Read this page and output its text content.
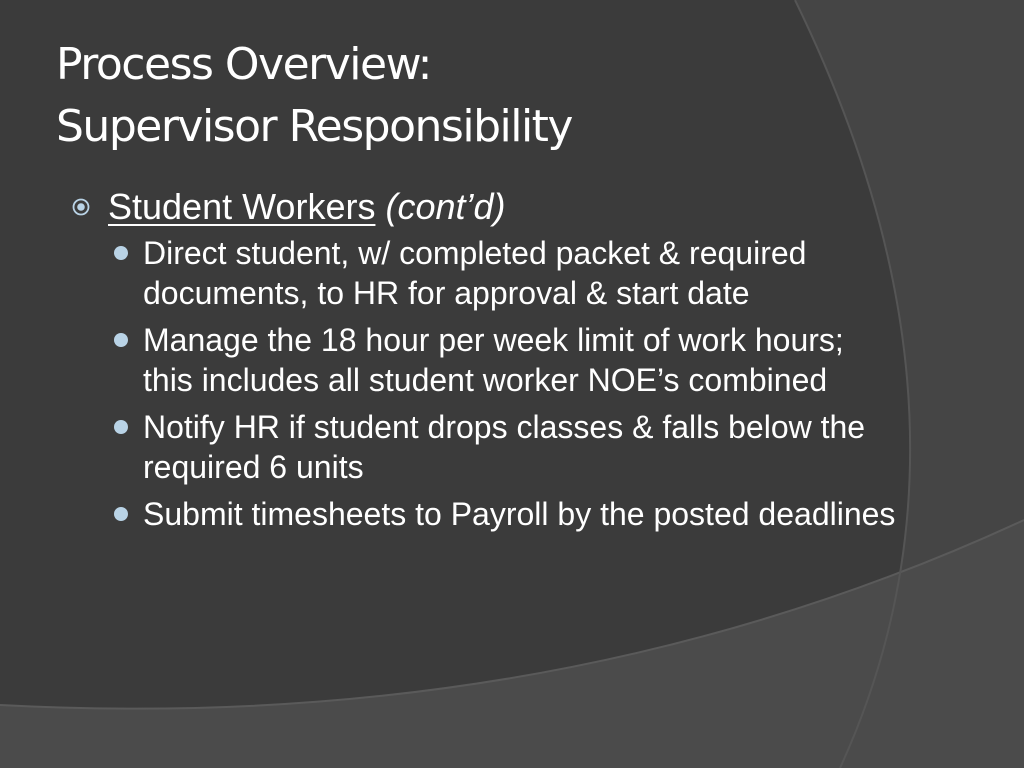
Process Overview:
Supervisor Responsibility
Student Workers (cont’d)
Direct student, w/ completed packet & required documents, to HR for approval & start date
Manage the 18 hour per week limit of work hours; this includes all student worker NOE’s combined
Notify HR if student drops classes & falls below the required 6 units
Submit timesheets to Payroll by the posted deadlines
